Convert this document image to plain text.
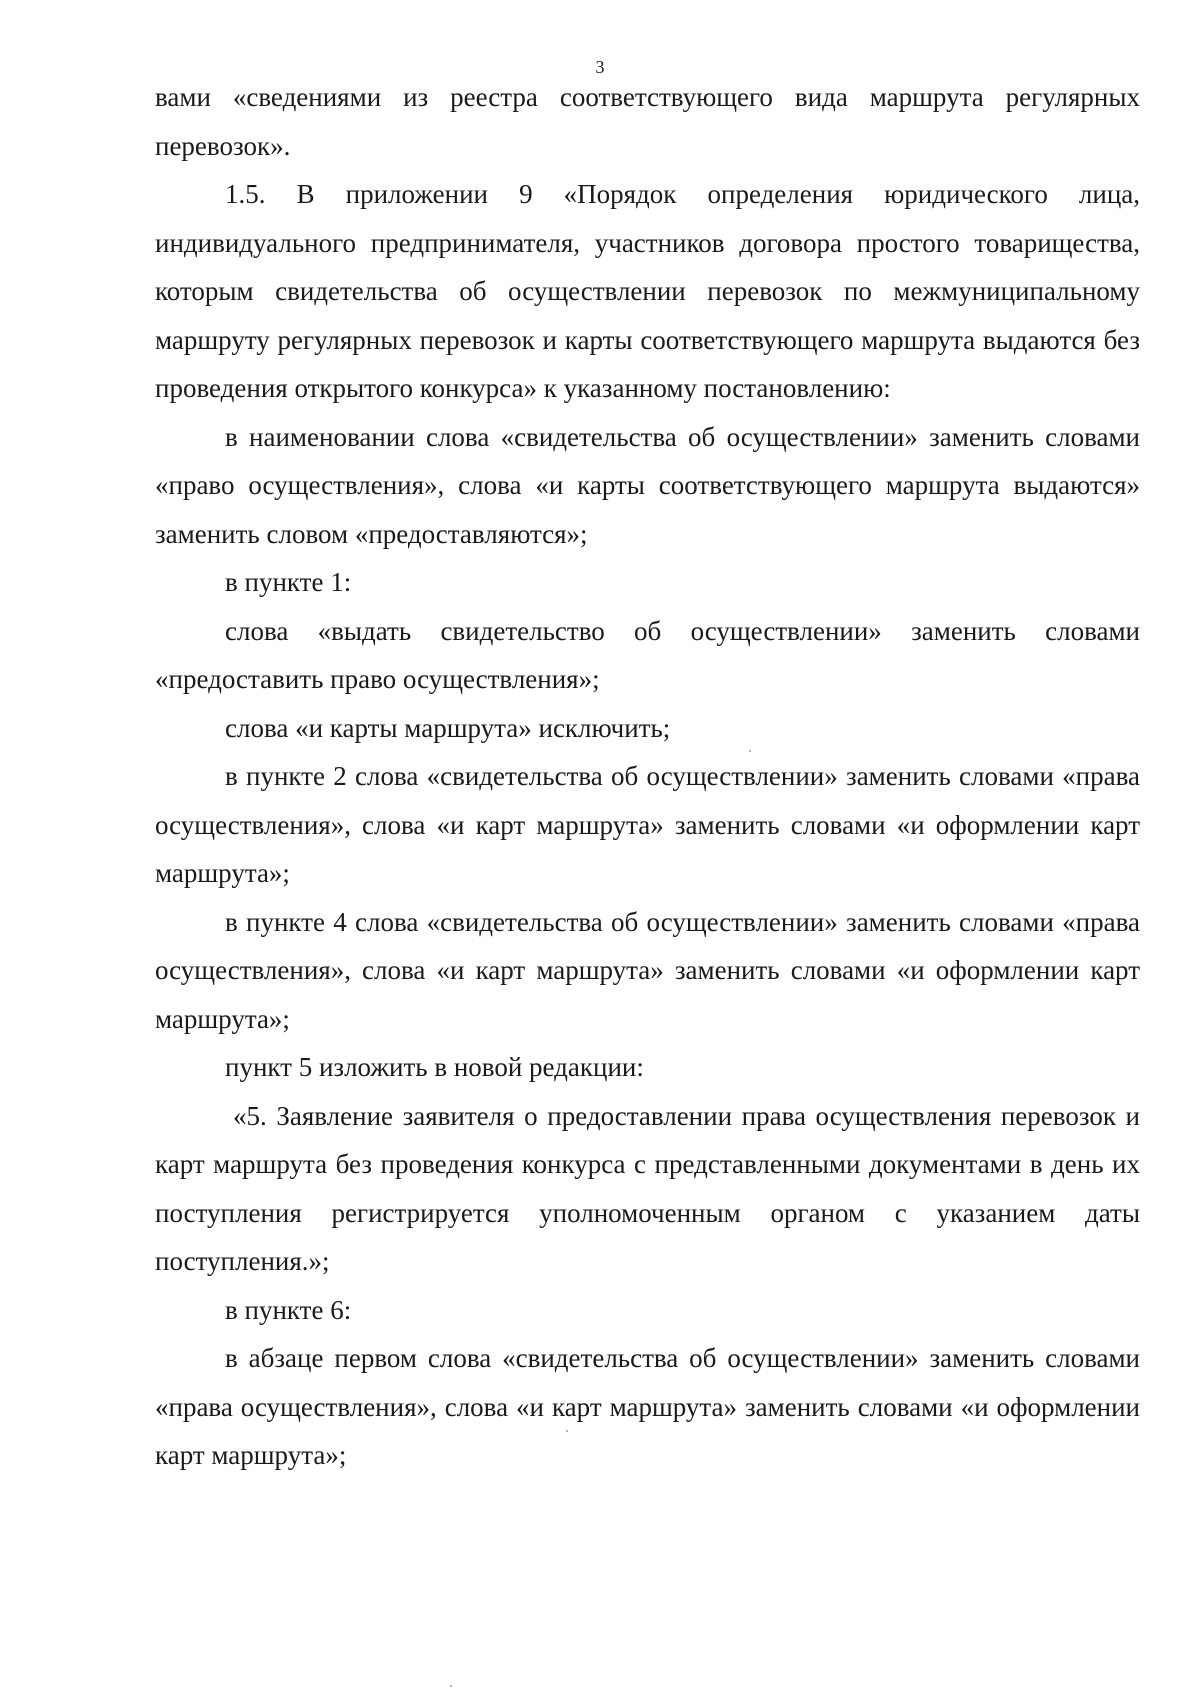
3

вами «сведениями из реестра соответствующего вида маршрута регулярных перевозок».

1.5. В приложении 9 «Порядок определения юридического лица, индивидуального предпринимателя, участников договора простого товарищества, которым свидетельства об осуществлении перевозок по межмуниципальному маршруту регулярных перевозок и карты соответствующего маршрута выдаются без проведения открытого конкурса» к указанному постановлению:

в наименовании слова «свидетельства об осуществлении» заменить словами «право осуществления», слова «и карты соответствующего маршрута выдаются» заменить словом «предоставляются»;

в пункте 1:

слова «выдать свидетельство об осуществлении» заменить словами «предоставить право осуществления»;

слова «и карты маршрута» исключить;

в пункте 2 слова «свидетельства об осуществлении» заменить словами «права осуществления», слова «и карт маршрута» заменить словами «и оформлении карт маршрута»;

в пункте 4 слова «свидетельства об осуществлении» заменить словами «права осуществления», слова «и карт маршрута» заменить словами «и оформлении карт маршрута»;

пункт 5 изложить в новой редакции:

«5. Заявление заявителя о предоставлении права осуществления перевозок и карт маршрута без проведения конкурса с представленными документами в день их поступления регистрируется уполномоченным органом с указанием даты поступления.»;

в пункте 6:

в абзаце первом слова «свидетельства об осуществлении» заменить словами «права осуществления», слова «и карт маршрута» заменить словами «и оформлении карт маршрута»;
